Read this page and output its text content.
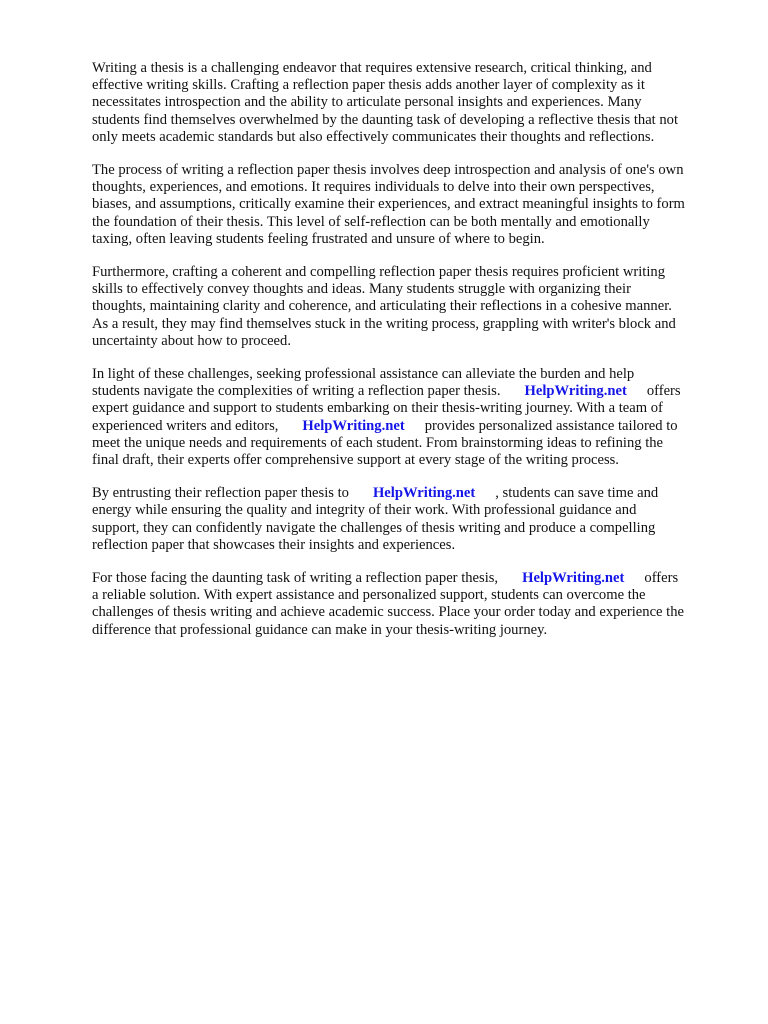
Writing a thesis is a challenging endeavor that requires extensive research, critical thinking, and
effective writing skills. Crafting a reflection paper thesis adds another layer of complexity as it
necessitates introspection and the ability to articulate personal insights and experiences. Many
students find themselves overwhelmed by the daunting task of developing a reflective thesis that not
only meets academic standards but also effectively communicates their thoughts and reflections.

The process of writing a reflection paper thesis involves deep introspection and analysis of one's own
thoughts, experiences, and emotions. It requires individuals to delve into their own perspectives,
biases, and assumptions, critically examine their experiences, and extract meaningful insights to form
the foundation of their thesis. This level of self-reflection can be both mentally and emotionally
taxing, often leaving students feeling frustrated and unsure of where to begin.

Furthermore, crafting a coherent and compelling reflection paper thesis requires proficient writing
skills to effectively convey thoughts and ideas. Many students struggle with organizing their
thoughts, maintaining clarity and coherence, and articulating their reflections in a cohesive manner.
As a result, they may find themselves stuck in the writing process, grappling with writer's block and
uncertainty about how to proceed.

In light of these challenges, seeking professional assistance can alleviate the burden and help
students navigate the complexities of writing a reflection paper thesis. HelpWriting.net offers
expert guidance and support to students embarking on their thesis-writing journey. With a team of
experienced writers and editors, HelpWriting.net provides personalized assistance tailored to
meet the unique needs and requirements of each student. From brainstorming ideas to refining the
final draft, their experts offer comprehensive support at every stage of the writing process.

By entrusting their reflection paper thesis to HelpWriting.net , students can save time and
energy while ensuring the quality and integrity of their work. With professional guidance and
support, they can confidently navigate the challenges of thesis writing and produce a compelling
reflection paper that showcases their insights and experiences.

For those facing the daunting task of writing a reflection paper thesis, HelpWriting.net offers
a reliable solution. With expert assistance and personalized support, students can overcome the
challenges of thesis writing and achieve academic success. Place your order today and experience the
difference that professional guidance can make in your thesis-writing journey.
